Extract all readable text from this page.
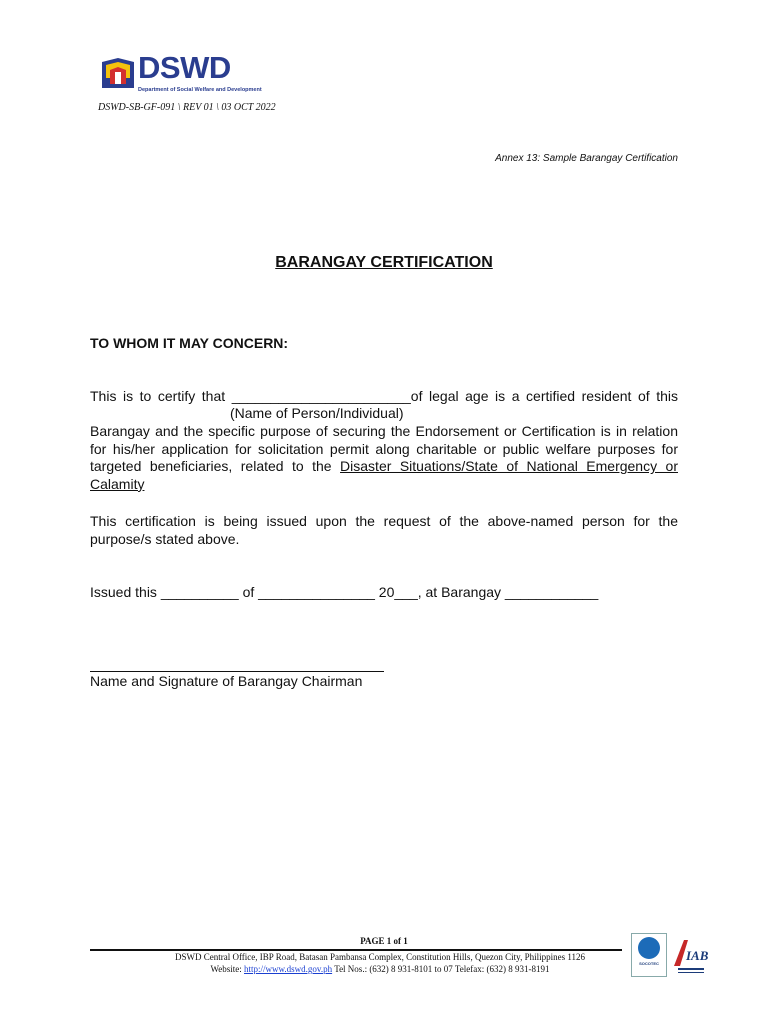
DSWD
Department of Social Welfare and Development
DSWD-SB-GF-091 \ REV 01 \ 03 OCT 2022
Annex 13: Sample Barangay Certification
BARANGAY CERTIFICATION
TO WHOM IT MAY CONCERN:
This is to certify that _______________________of legal age is a certified resident of this
(Name of Person/Individual)
Barangay and the specific purpose of securing the Endorsement or Certification is in relation for his/her application for solicitation permit along charitable or public welfare purposes for targeted beneficiaries, related to the Disaster Situations/State of National Emergency or Calamity
This certification is being issued upon the request of the above-named person for the purpose/s stated above.
Issued this __________ of _______________ 20___, at Barangay ____________
Name and Signature of Barangay Chairman
PAGE 1 of 1
DSWD Central Office, IBP Road, Batasan Pambansa Complex, Constitution Hills, Quezon City, Philippines 1126
Website: http://www.dswd.gov.ph Tel Nos.: (632) 8 931-8101 to 07 Telefax: (632) 8 931-8191
SOCOTEC
IAB
